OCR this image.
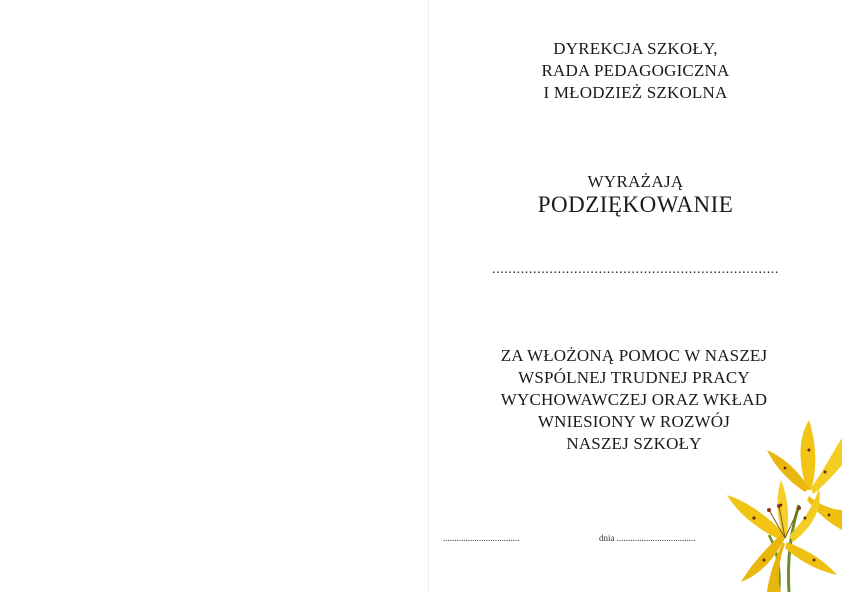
DYREKCJA SZKOŁY,
RADA PEDAGOGICZNA
I MŁODZIEŻ SZKOLNA
WYRAŻAJĄ
PODZIĘKOWANIE
......................................................................
ZA WŁOŻONĄ POMOC W NASZEJ
WSPÓLNEJ TRUDNEJ PRACY
WYCHOWAWCZEJ ORAZ WKŁAD
WNIESIONY W ROZWÓJ
NASZEJ SZKOŁY
..................................	dnia ...................................
